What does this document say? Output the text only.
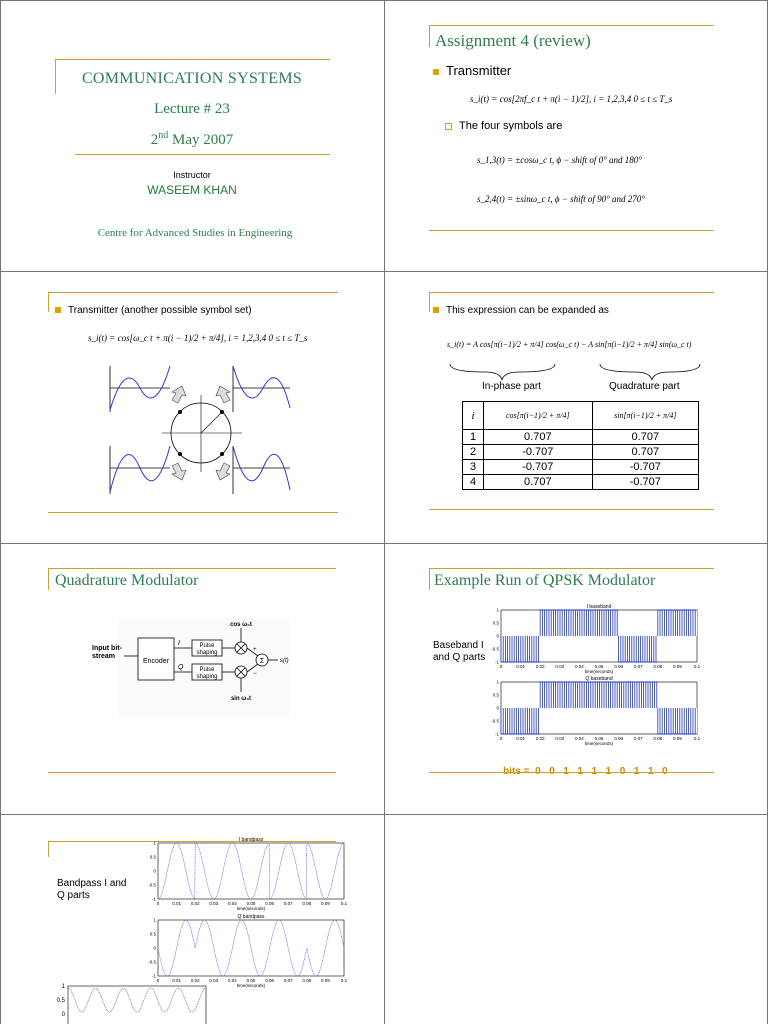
COMMUNICATION SYSTEMS
Lecture # 23
2nd May 2007
Instructor
WASEEM KHAN
Centre for Advanced Studies in Engineering
Assignment 4 (review)
Transmitter
s_i(t) = cos[2πf_c t + π(i − 1)/2], i = 1,2,3,4 0 ≤ t ≤ T_s
The four symbols are
s_1,3(t) = ±cosω_c t, ϕ − shift of 0° and 180°
s_2,4(t) = ±sinω_c t, ϕ − shift of 90° and 270°
Transmitter (another possible symbol set)
s_i(t) = cos[ω_c t + π(i − 1)/2 + π/4], i = 1,2,3,4 0 ≤ t ≤ T_s
This expression can be expanded as
s_i(t) = A cos[π(i−1)/2 + π/4] cos(ω_c t) − A sin[π(i−1)/2 + π/4] sin(ω_c t)
In-phase part	Quadrature part
i	cos[π(i−1)/2 + π/4]	sin[π(i−1)/2 + π/4]
1	0.707	0.707
2	-0.707	0.707
3	-0.707	-0.707
4	0.707	-0.707
Quadrature Modulator
Input bit-
stream
Encoder
I
Q
Pulse
shaping
Pulse
shaping
cos ω₀t
sin ω₀t
Σ
+
−
s(t)
Example Run of QPSK Modulator
Baseband I and Q parts
I baseband
0	0.01 0.02 0.03 0.04 0.05 0.06 0.07 0.08 0.09	0.1
1
0.5
0
-0.5
-1
time(seconds)
Q baseband
0	0.01 0.02 0.03 0.04 0.05 0.06 0.07 0.08 0.09	0.1
1
0.5
0
-0.5
-1
time(seconds)

Bandpass I and Q parts
I bandpass
0	0.01 0.02 0.03 0.04 0.05 0.06 0.07 0.08 0.09 0.1
1
0.5
0
-0.5
-1
time(seconds)
Q bandpass
0	0.01 0.02 0.03 0.04 0.05 0.06 0.07 0.08 0.09 0.1
1
0.5
0
-0.5
-1
time(seconds)
1
0.5
0
